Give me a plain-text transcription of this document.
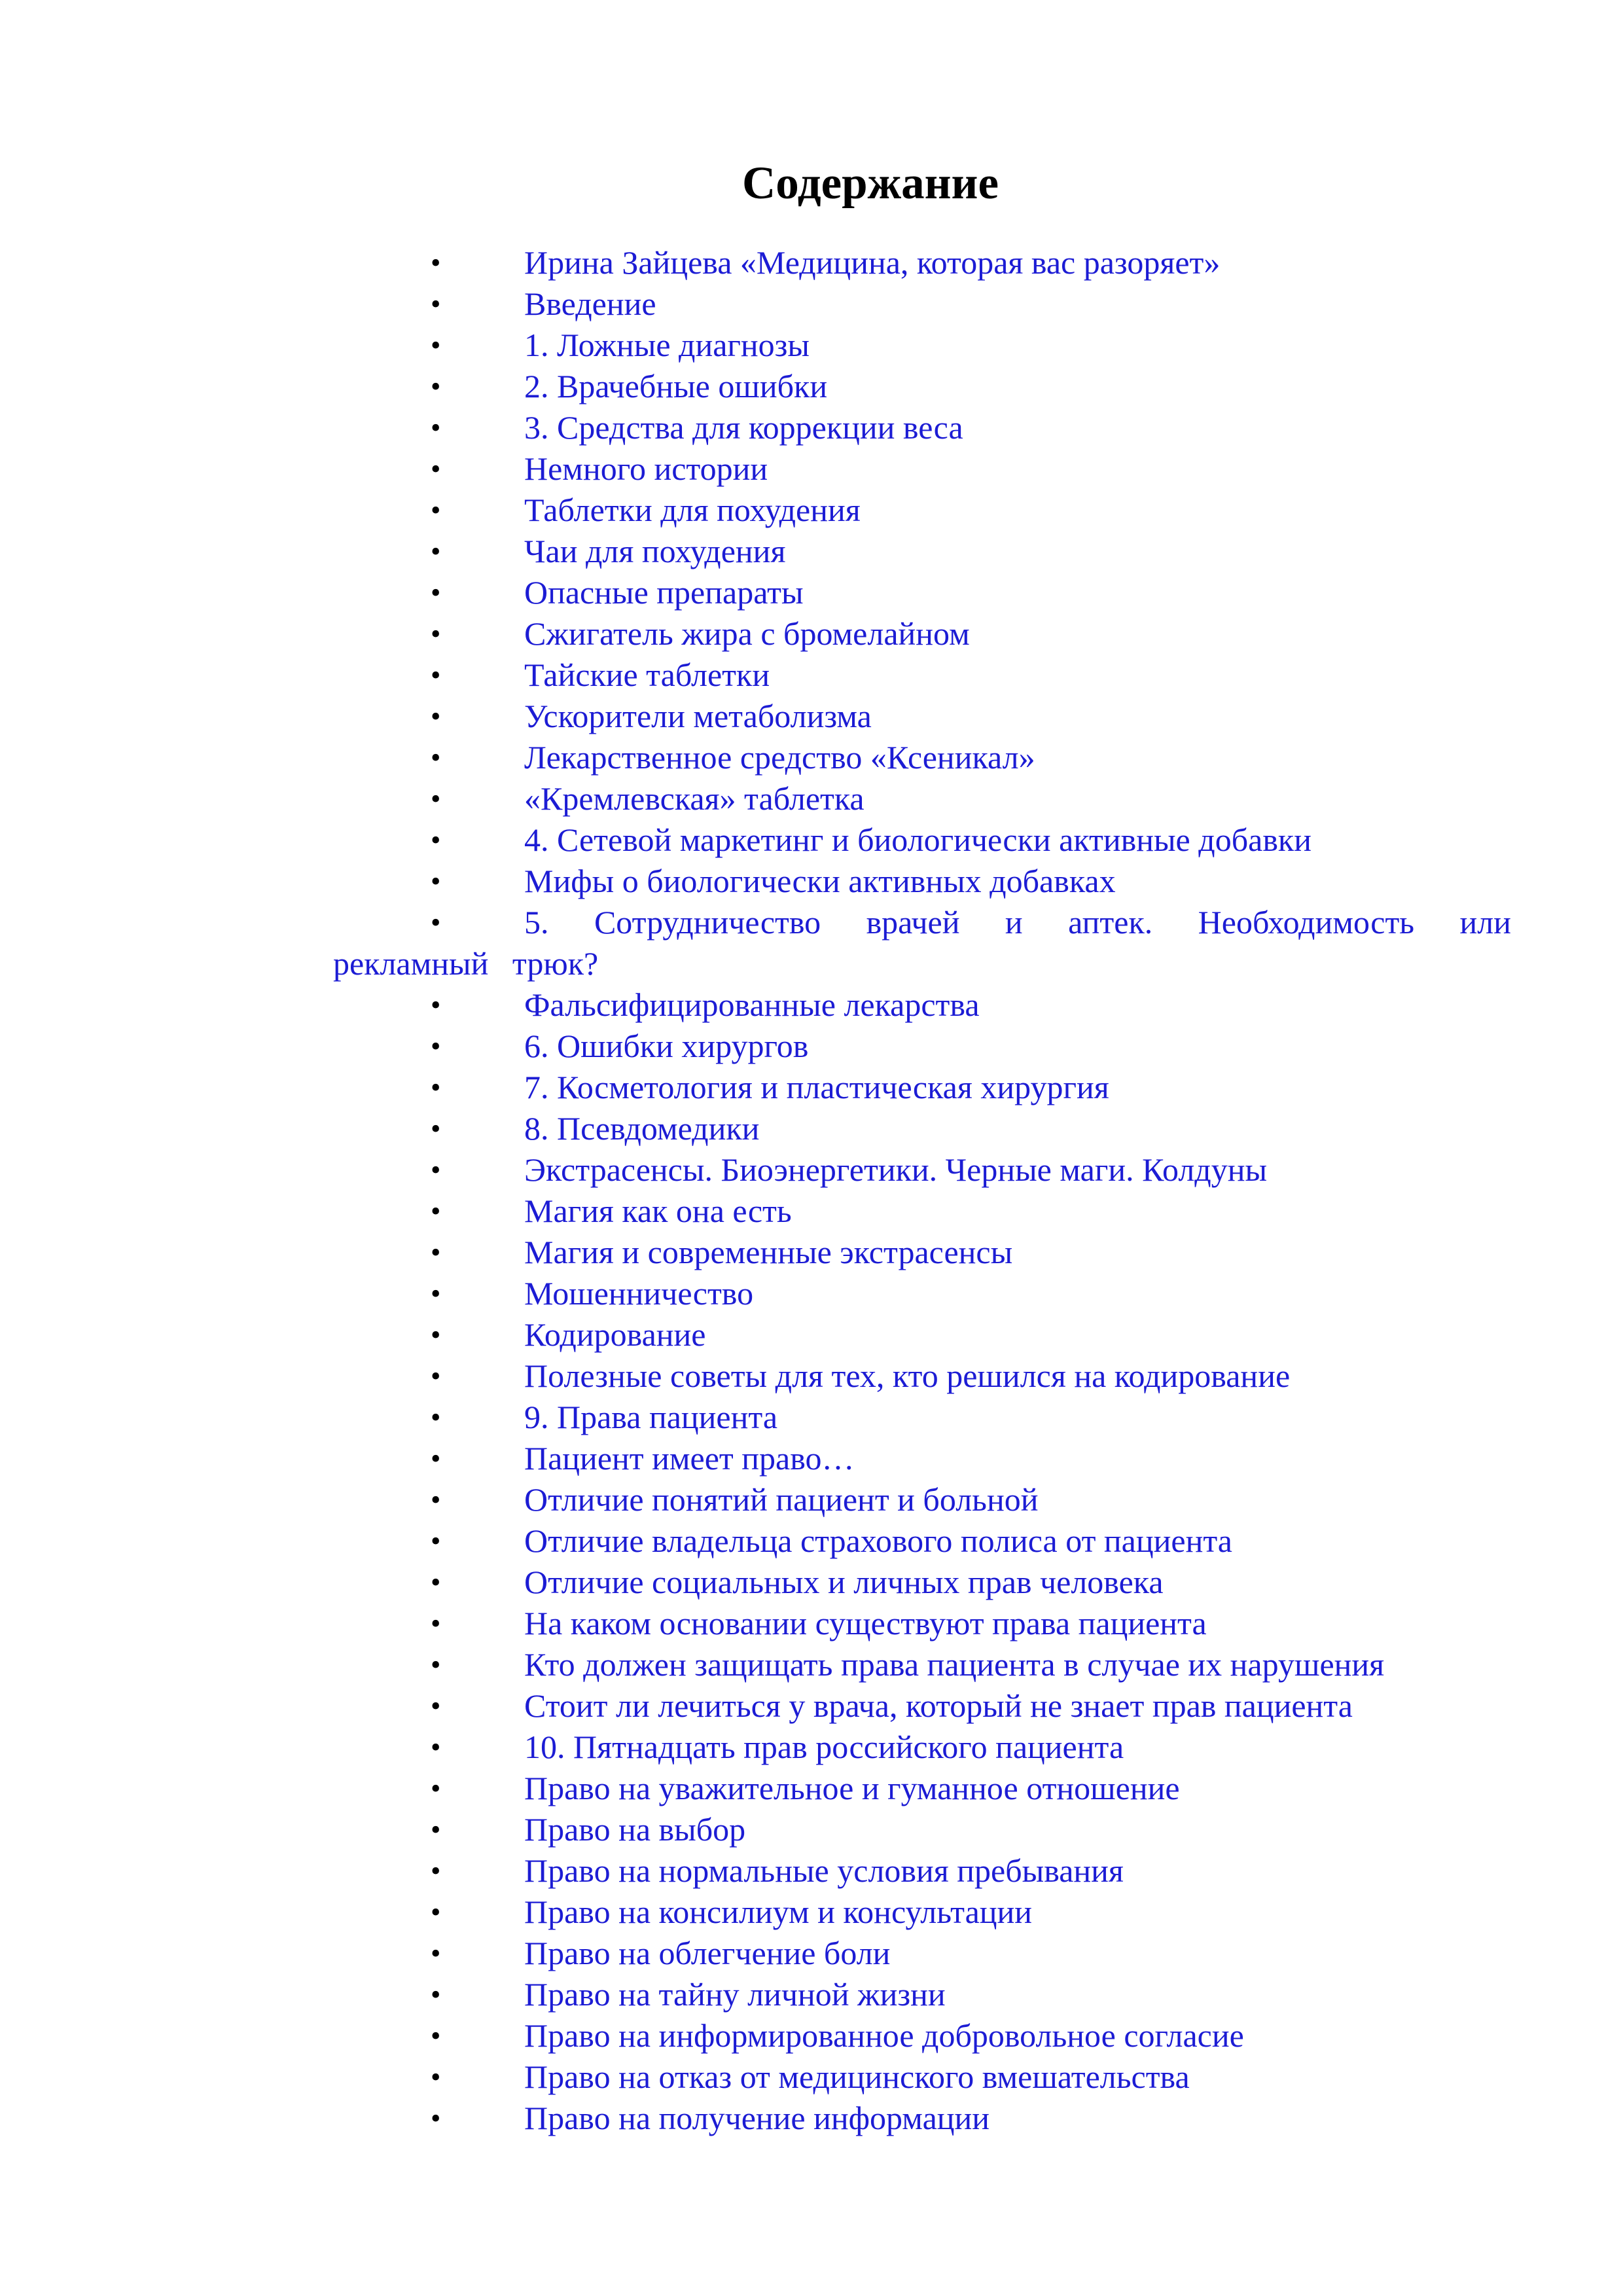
Содержание
•	Ирина Зайцева «Медицина, которая вас разоряет»
•	Введение
•	1. Ложные диагнозы
•	2. Врачебные ошибки
•	3. Средства для коррекции веса
•	Немного истории
•	Таблетки для похудения
•	Чаи для похудения
•	Опасные препараты
•	Сжигатель жира с бромелайном
•	Тайские таблетки
•	Ускорители метаболизма
•	Лекарственное средство «Ксеникал»
•	«Кремлевская» таблетка
•	4. Сетевой маркетинг и биологически активные добавки
•	Мифы о биологически активных добавках
•	5. Сотрудничество врачей и аптек. Необходимость или рекламный трюк?
•	Фальсифицированные лекарства
•	6. Ошибки хирургов
•	7. Косметология и пластическая хирургия
•	8. Псевдомедики
•	Экстрасенсы. Биоэнергетики. Черные маги. Колдуны
•	Магия как она есть
•	Магия и современные экстрасенсы
•	Мошенничество
•	Кодирование
•	Полезные советы для тех, кто решился на кодирование
•	9. Права пациента
•	Пациент имеет право…
•	Отличие понятий пациент и больной
•	Отличие владельца страхового полиса от пациента
•	Отличие социальных и личных прав человека
•	На каком основании существуют права пациента
•	Кто должен защищать права пациента в случае их нарушения
•	Стоит ли лечиться у врача, который не знает прав пациента
•	10. Пятнадцать прав российского пациента
•	Право на уважительное и гуманное отношение
•	Право на выбор
•	Право на нормальные условия пребывания
•	Право на консилиум и консультации
•	Право на облегчение боли
•	Право на тайну личной жизни
•	Право на информированное добровольное согласие
•	Право на отказ от медицинского вмешательства
•	Право на получение информации
